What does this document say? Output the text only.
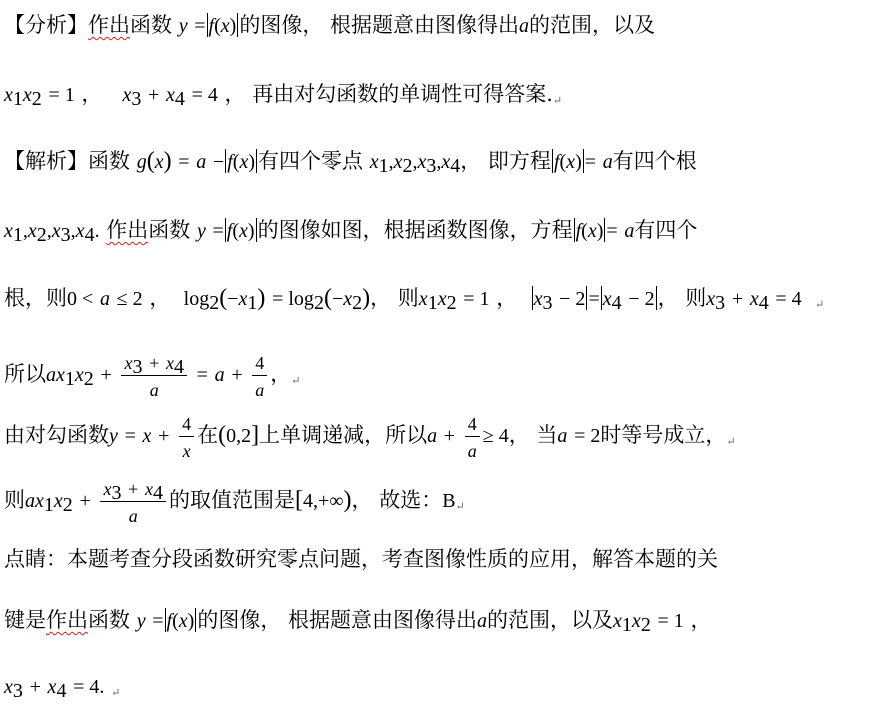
【分析】作出函数 y = f(x) 的图像， 根据题意由图像得出a的范围，以及
$x_1x_2 = 1$ ，   $x_3 + x_4 = 4$ ， 再由对勾函数的单调性可得答案.↵
【解析】函数 g(x) = a − f(x) 有四个零点 $x_1,x_2,x_3,x_4$， 即方程 f(x) = a有四个根
$x_1,x_2,x_3,x_4$. 作出函数 y = f(x) 的图像如图，根据函数图像，方程 f(x) = a有四个
根，则0 < a ≤ 2 ，  $\log_2(-x_1) = \log_2(-x_2)$， 则$x_1x_2 = 1$ ，  $x_3 - 2 = x_4 - 2$ ， 则$x_3 + x_4 = 4$ ↵
所以$ax_1x_2 + \frac{x_3 + x_4}{a} = a + \frac{4}{a}$ ，↵
由对勾函数$y = x + \frac{4}{x}$ 在(0,2]上单调递减，所以$a + \frac{4}{a} \ge 4$， 当a = 2时等号成立，↵
则$ax_1x_2 + \frac{x_3 + x_4}{a}$ 的取值范围是[4,+∞)， 故选：B↵
点睛：本题考查分段函数研究零点问题，考查图像性质的应用，解答本题的关
键是作出函数 y = f(x) 的图像， 根据题意由图像得出a的范围，以及$x_1x_2 = 1$ ，
$x_3 + x_4 = 4$. ↵
